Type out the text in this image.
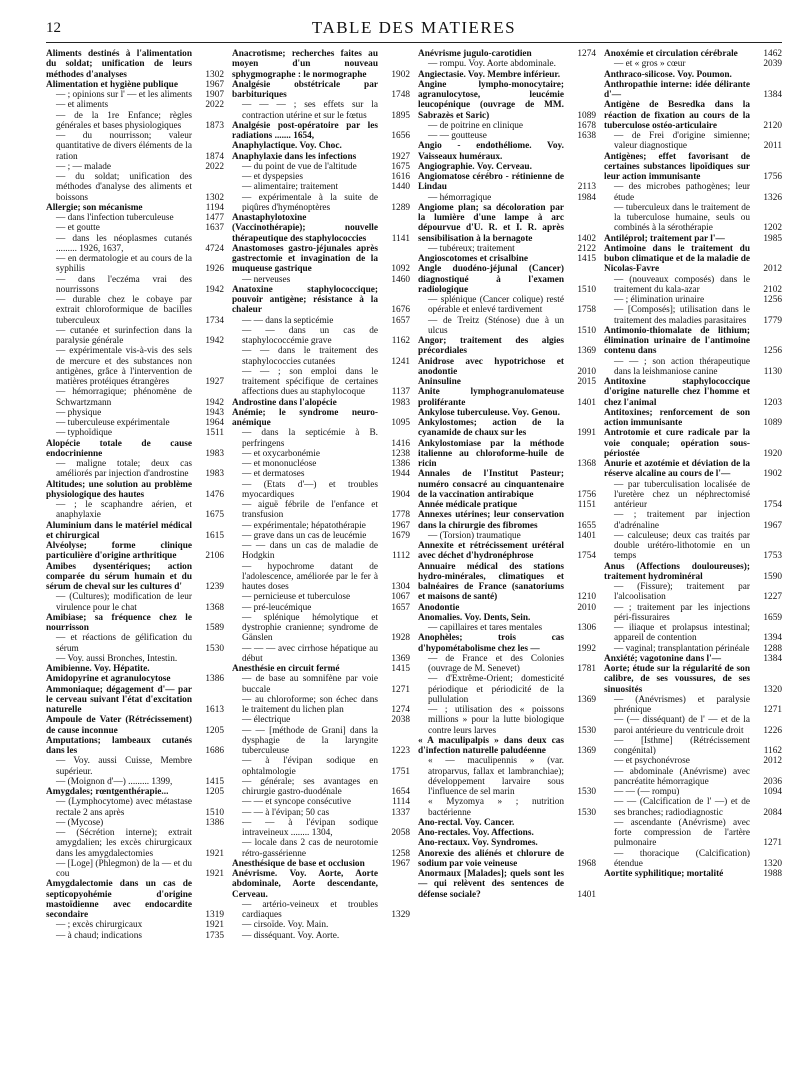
12	TABLE DES MATIERES
Aliments destinés à l'alimentation du soldat; unification de leurs méthodes d'analyses	1302
Alimentation et hygiène publique	1967
— ; opinions sur l' — et les aliments	1907
— et aliments	2022
— de la 1re Enfance; règles générales et bases physiologiques	1873
— du nourrisson; valeur quantitative de divers éléments de la ration	1874
— ; — malade	2022
— du soldat; unification des méthodes d'analyse des aliments et boissons	1302
Allergie; son mécanisme	1194
— dans l'infection tuberculeuse	1477
— et goutte	1637
— dans les néoplasmes cutanés ......... 1926, 1637,	4724
— en dermatologie et au cours de la syphilis	1926
— dans l'eczéma vrai des nourrissons	1942
— durable chez le cobaye par extrait chloroformique de bacilles tuberculeux	1734
— cutanée et surinfection dans la paralysie générale	1942
— expérimentale vis-à-vis des sels de mercure et des substances non antigènes, grâce à l'intervention de matières protéiques étrangères	1927
— hémorragique; phénomène de Schwartzmann	1942
— physique	1943
— tuberculeuse expérimentale	1964
— typhoïdique	1511
Alopécie totale de cause endocrinienne	1983
— maligne totale; deux cas améliorés par injection d'androstine	1983
Altitudes; une solution au problème physiologique des hautes	1476
— ; le scaphandre aérien, et anaphylaxie	1675
Aluminium dans le matériel médical et chirurgical	1615
Alvéolyse; forme clinique particulière d'origine arthritique	2106
Amibes dysentériques; action comparée du sérum humain et du sérum de cheval sur les cultures d'	1239
— (Cultures); modification de leur virulence pour le chat	1368
Amibiase; sa fréquence chez le nourrisson	1589
— et réactions de gélification du sérum	1530
— Voy. aussi Bronches, Intestin.
Amibienne. Voy. Hépatite.
Amidopyrine et agranulocytose	1386
Ammoniaque; dégagement d'— par le cerveau suivant l'état d'excitation naturelle	1613
Ampoule de Vater (Rétrécissement) de cause inconnue	1205
Amputations; lambeaux cutanés dans les	1686
— Voy. aussi Cuisse, Membre supérieur.
— (Moignon d'—) ......... 1399,	1415
Amygdales; rœntgenthérapie...	1205
— (Lymphocytome) avec métastase rectale 2 ans après	1510
— (Mycose)	1386
— (Sécrétion interne); extrait amygdalien; les excès chirurgicaux dans les amygdalectomies	1921
— [Loge] (Phlegmon) de la — et du cou	1921
Amygdalectomie dans un cas de septicopyohémie d'origine mastoïdienne avec endocardite secondaire	1319
— ; excès chirurgicaux	1921
— à chaud; indications	1735
Anacrotisme; recherches faites au moyen d'un nouveau sphygmographe : le normographe	1902
Analgésie obstétricale par barbituriques	1748
— — — ; ses effets sur la contraction utérine et sur le fœtus	1895
Analgésie post-opératoire par les radiations ....... 1654,	1656
Anaphylactique. Voy. Choc.
Anaphylaxie dans les infections	1927
— du point de vue de l'altitude	1675
— et dyspepsies	1616
— alimentaire; traitement	1440
— expérimentale à la suite de piqûres d'hyménoptères	1289
Anastaphylotoxine (Vaccinothérapie); nouvelle thérapeutique des staphylococcies	1141
Anastomoses gastro-jéjunales après gastrectomie et invagination de la muqueuse gastrique	1092
— nerveuses	1460
Anatoxine staphylococcique; pouvoir antigène; résistance à la chaleur	1676
— — dans la septicémie	1657
— — dans un cas de staphylococcémie grave	1162
— — dans le traitement des staphylococcies cutanées	1241
— — ; son emploi dans le traitement spécifique de certaines affections dues au staphylocoque	1137
Androstine dans l'alopécie	1983
Anémie; le syndrome neuro-anémique	1095
— dans la septicémie à B. perfringens	1416
— et oxycarbonémie	1238
— et mononucléose	1386
— et dermatoses	1944
— (Etats d'—) et troubles myocardiques	1904
— aiguë fébrile de l'enfance et transfusion	1778
— expérimentale; hépatothérapie	1967
— grave dans un cas de leucémie	1679
— — dans un cas de maladie de Hodgkin	1112
— hypochrome datant de l'adolescence, améliorée par le fer à hautes doses	1304
— pernicieuse et tuberculose	1067
— pré-leucémique	1657
— splénique hémolytique et dystrophie cranienne; syndrome de Gänslen	1928
— — — avec cirrhose hépatique au début	1369
Anesthésie en circuit fermé	1415
— de base au somnifène par voie buccale	1271
— au chloroforme; son échec dans le traitement du lichen plan	1274
— électrique	2038
— — [méthode de Grani] dans la dysphagie de la laryngite tuberculeuse	1223
— à l'évipan sodique en ophtalmologie	1751
— générale; ses avantages en chirurgie gastro-duodénale	1654
— — et syncope consécutive	1114
— — à l'évipan; 50 cas	1337
— — à l'évipan sodique intraveineux ........ 1304,	2058
— locale dans 2 cas de neurotomie rétro-gassérienne	1258
Anesthésique de base et occlusion	1967
Anévrisme. Voy. Aorte, Aorte abdominale, Aorte descendante, Cerveau.
— artério-veineux et troubles cardiaques	1329
— cirsoïde. Voy. Main.
— disséquant. Voy. Aorte.
Anévrisme jugulo-carotidien	1274
— rompu. Voy. Aorte abdominale.
Angiectasie. Voy. Membre inférieur.
Angine lympho-monocytaire; agranulocytose, leucémie leucopénique (ouvrage de MM. Sabrazès et Saric)	1089
— de poitrine en clinique	1678
— — goutteuse	1638
Angio - endothéliome. Voy. Vaisseaux huméraux.
Angiographie. Voy. Cerveau.
Angiomatose cérébro - rétinienne de Lindau	2113
— hémorragique	1984
Angiome plan; sa décoloration par la lumière d'une lampe à arc dépourvue d'U. R. et I. R. après sensibilisation à la bernagote	1402
— tubéreux; traitement	2122
Angioscotomes et crisalbine	1415
Angle duodéno-jéjunal (Cancer) diagnostiqué à l'examen radiologique	1510
— splénique (Cancer colique) resté opérable et enlevé tardivement	1758
— de Treitz (Sténose) due à un ulcus	1510
Angor; traitement des algies précordiales	1369
Anidrose avec hypotrichose et anodontie	2010
Aninsuline	2015
Anite lymphogranulomateuse proliférante	1401
Ankylose tuberculeuse. Voy. Genou.
Ankylostomes; action de la cyanamide de chaux sur les	1991
Ankylostomiase par la méthode italienne au chloroforme-huile de ricin	1368
Annales de l'Institut Pasteur; numéro consacré au cinquantenaire de la vaccination antirabique	1756
Année médicale pratique	1151
Annexes utérines; leur conservation dans la chirurgie des fibromes	1655
— (Torsion) traumatique	1401
Annexite et rétrécissement urétéral avec déchet d'hydronéphrose	1754
Annuaire médical des stations hydro-minérales, climatiques et balnéaires de France (sanatoriums et maisons de santé)	1210
Anodontie	2010
Anomalies. Voy. Dents, Sein.
— capillaires et tares mentales	1306
Anophèles; trois cas d'hypométabolisme chez les —	1992
— de France et des Colonies (ouvrage de M. Senevet)	1781
— d'Extrême-Orient; domesticité périodique et périodicité de la pullulation	1369
— ; utilisation des « poissons millions » pour la lutte biologique contre leurs larves	1530
« A maculipalpis » dans deux cas d'infection naturelle paludéenne	1369
« — maculipennis » (var. atroparvus, fallax et lambranchiae); développement larvaire sous l'influence de sel marin	1530
« Myzomya » ; nutrition bactérienne	1530
Ano-rectal. Voy. Cancer.
Ano-rectales. Voy. Affections.
Ano-rectaux. Voy. Syndromes.
Anorexie des aliénés et chlorure de sodium par voie veineuse	1968
Anormaux [Malades]; quels sont les — qui relèvent des sentences de défense sociale?	1401
Anoxémie et circulation cérébrale	1462
— et « gros » cœur	2039
Anthraco-silicose. Voy. Poumon.
Anthropathie interne: idée délirante d'—	1384
Antigène de Besredka dans la réaction de fixation au cours de la tuberculose ostéo-articulaire	2120
— de Frei d'origine simienne; valeur diagnostique	2011
Antigènes; effet favorisant de certaines substances lipoïdiques sur leur action immunisante	1756
— des microbes pathogènes; leur étude	1326
— tuberculeux dans le traitement de la tuberculose humaine, seuls ou combinés à la sérothérapie	1202
Antiléprol; traitement par l'—	1985
Antimoine dans le traitement du bubon climatique et de la maladie de Nicolas-Favre	2012
— (nouveaux composés) dans le traitement du kala-azar	2102
— ; élimination urinaire	1256
— [Composés]; utilisation dans le traitement des maladies parasitaires	1779
Antimonio-thiomalate de lithium; élimination urinaire de l'antimoine contenu dans	1256
— — ; son action thérapeutique dans la leishmaniose canine	1130
Antitoxine staphylococcique d'origine naturelle chez l'homme et chez l'animal	1203
Antitoxines; renforcement de son action immunisante	1089
Antrotomie et cure radicale par la voie conquale; opération sous-périostée	1920
Anurie et azotémie et déviation de la réserve alcaline au cours de l'—	1902
— par tuberculisation localisée de l'uretère chez un néphrectomisé antérieur	1754
— ; traitement par injection d'adrénaline	1967
— calculeuse; deux cas traités par double urétéro-lithotomie en un temps	1753
Anus (Affections douloureuses); traitement hydrominéral	1590
— (Fissure); traitement par l'alcoolisation	1227
— ; traitement par les injections péri-fissuraires	1659
— iliaque et prolapsus intestinal; appareil de contention	1394
— vaginal; transplantation périnéale	1288
Anxiété; vagotonine dans l'—	1384
Aorte; étude sur la régularité de son calibre, de ses voussures, de ses sinuosités	1320
— (Anévrismes) et paralysie phrénique	1271
— (— disséquant) de l' — et de la paroi antérieure du ventricule droit	1226
— [Isthme] (Rétrécissement congénital)	1162
— et psychonévrose	2012
— abdominale (Anévrisme) avec pancréatite hémorragique	2036
— — (— rompu)	1094
— — (Calcification de l' —) et de ses branches; radiodiagnostic	2084
— ascendante (Anévrisme) avec forte compression de l'artère pulmonaire	1271
— thoracique (Calcification) étendue	1320
Aortite syphilitique; mortalité	1988
